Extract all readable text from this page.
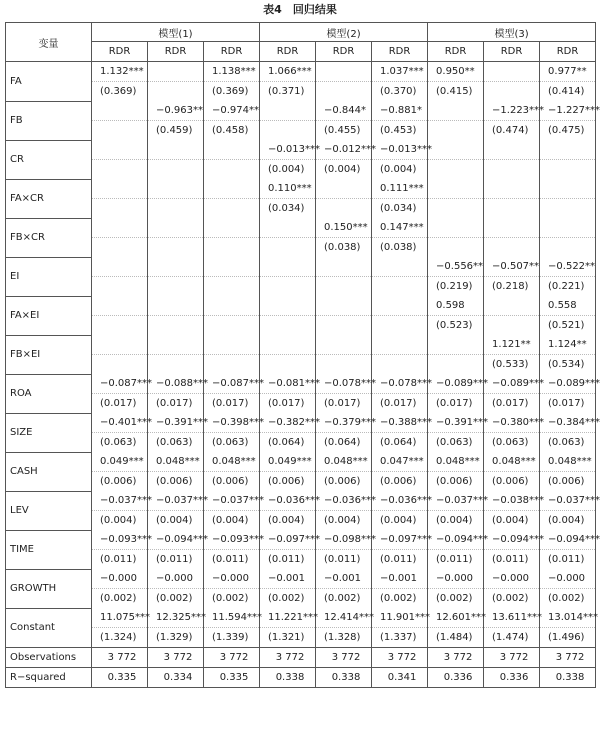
表4　回归结果
变量	模型(1)			模型(2)			模型(3)		
	RDR	RDR	RDR	RDR	RDR	RDR	RDR	RDR	RDR
FA	1.132***		1.138***	1.066***		1.037***	0.950**		0.977**
	(0.369)		(0.369)	(0.371)		(0.370)	(0.415)		(0.414)
FB		−0.963**	−0.974**		−0.844*	−0.881*		−1.223***	−1.227***
		(0.459)	(0.458)		(0.455)	(0.453)		(0.474)	(0.475)
CR				−0.013***	−0.012***	−0.013***			
				(0.004)	(0.004)	(0.004)			
FA×CR				0.110***		0.111***			
				(0.034)		(0.034)			
FB×CR					0.150***	0.147***			
					(0.038)	(0.038)			
EI							−0.556**	−0.507**	−0.522**
							(0.219)	(0.218)	(0.221)
FA×EI							0.598		0.558
							(0.523)		(0.521)
FB×EI								1.121**	1.124**
								(0.533)	(0.534)
ROA	−0.087***	−0.088***	−0.087***	−0.081***	−0.078***	−0.078***	−0.089***	−0.089***	−0.089***
	(0.017)	(0.017)	(0.017)	(0.017)	(0.017)	(0.017)	(0.017)	(0.017)	(0.017)
SIZE	−0.401***	−0.391***	−0.398***	−0.382***	−0.379***	−0.388***	−0.391***	−0.380***	−0.384***
	(0.063)	(0.063)	(0.063)	(0.064)	(0.064)	(0.064)	(0.063)	(0.063)	(0.063)
CASH	0.049***	0.048***	0.048***	0.049***	0.048***	0.047***	0.048***	0.048***	0.048***
	(0.006)	(0.006)	(0.006)	(0.006)	(0.006)	(0.006)	(0.006)	(0.006)	(0.006)
LEV	−0.037***	−0.037***	−0.037***	−0.036***	−0.036***	−0.036***	−0.037***	−0.038***	−0.037***
	(0.004)	(0.004)	(0.004)	(0.004)	(0.004)	(0.004)	(0.004)	(0.004)	(0.004)
TIME	−0.093***	−0.094***	−0.093***	−0.097***	−0.098***	−0.097***	−0.094***	−0.094***	−0.094***
	(0.011)	(0.011)	(0.011)	(0.011)	(0.011)	(0.011)	(0.011)	(0.011)	(0.011)
GROWTH	−0.000	−0.000	−0.000	−0.001	−0.001	−0.001	−0.000	−0.000	−0.000
	(0.002)	(0.002)	(0.002)	(0.002)	(0.002)	(0.002)	(0.002)	(0.002)	(0.002)
Constant	11.075***	12.325***	11.594***	11.221***	12.414***	11.901***	12.601***	13.611***	13.014***
	(1.324)	(1.329)	(1.339)	(1.321)	(1.328)	(1.337)	(1.484)	(1.474)	(1.496)
Observations	3 772	3 772	3 772	3 772	3 772	3 772	3 772	3 772	3 772
R−squared	0.335	0.334	0.335	0.338	0.338	0.341	0.336	0.336	0.338
